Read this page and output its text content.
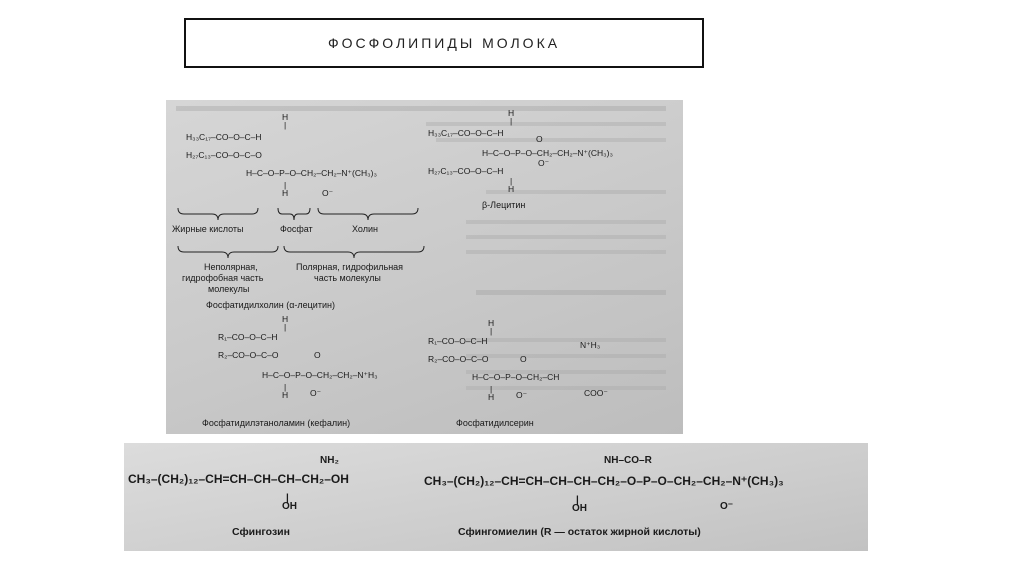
ФОСФОЛИПИДЫ МОЛОКА
H
|
H₃₃C₁₇–CO–O–C–H
H₂₇C₁₃–CO–O–C–O
H–C–O–P–O–CH₂–CH₂–N⁺(CH₃)₃
|
H	O⁻
Жирные кислоты	Фосфат	Холин
Неполярная,
гидрофобная часть
молекулы
Полярная, гидрофильная
часть молекулы
Фосфатидилхолин (α-лецитин)
H
|
H₃₃C₁₇–CO–O–C–H
O
H–C–O–P–O–CH₂–CH₂–N⁺(CH₃)₃
H₂₇C₁₃–CO–O–C–H
O⁻
|
H
β-Лецитин
H
|
R₁–CO–O–C–H
R₂–CO–O–C–O	O
H–C–O–P–O–CH₂–CH₂–N⁺H₃
|
H	O⁻
Фосфатидилэтаноламин (кефалин)
H
|
R₁–CO–O–C–H	N⁺H₃
R₂–CO–O–C–O	O
H–C–O–P–O–CH₂–CH
|
H	O⁻	COO⁻
Фосфатидилсерин
NH₂
CH₃–(CH₂)₁₂–CH=CH–CH–CH–CH₂–OH
|
OH
Сфингозин
NH–CO–R
CH₃–(CH₂)₁₂–CH=CH–CH–CH–CH₂–O–P–O–CH₂–CH₂–N⁺(CH₃)₃
|
OH	O⁻
Сфингомиелин (R — остаток жирной кислоты)
